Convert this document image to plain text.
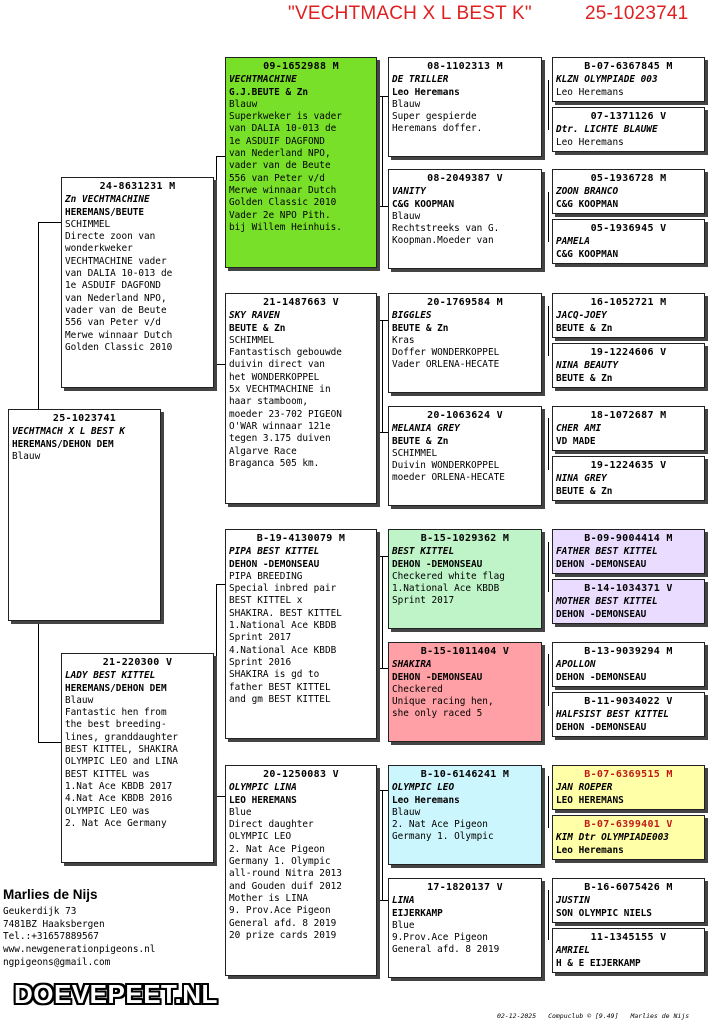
"VECHTMACH X L BEST K"	25-1023741
25-1023741
VECHTMACH X L BEST K
HEREMANS/DEHON DEM
Blauw
24-8631231 M
Zn VECHTMACHINE
HEREMANS/BEUTE
SCHIMMEL
Directe zoon van
wonderkweker
VECHTMACHINE vader
van DALIA 10-013 de
1e ASDUIF DAGFOND
van Nederland NPO,
vader van de Beute
556 van Peter v/d
Merwe winnaar Dutch
Golden Classic 2010
21-220300 V
LADY BEST KITTEL
HEREMANS/DEHON DEM
Blauw
Fantastic hen from
the best breeding-
lines, granddaughter
BEST KITTEL, SHAKIRA
OLYMPIC LEO and LINA
BEST KITTEL was
1.Nat Ace KBDB 2017
4.Nat Ace KBDB 2016
OLYMPIC LEO was
2. Nat Ace Germany
09-1652988 M
VECHTMACHINE
G.J.BEUTE & Zn
Blauw
Superkweker is vader
van DALIA 10-013 de
1e ASDUIF DAGFOND
van Nederland NPO,
vader van de Beute
556 van Peter v/d
Merwe winnaar Dutch
Golden Classic 2010
Vader 2e NPO Pith.
bij Willem Heinhuis.
21-1487663 V
SKY RAVEN
BEUTE & Zn
SCHIMMEL
Fantastisch gebouwde
duivin direct van
het WONDERKOPPEL
5x VECHTMACHINE in
haar stamboom,
moeder 23-702 PIGEON
O'WAR winnaar 121e
tegen 3.175 duiven
Algarve Race
Braganca 505 km.
B-19-4130079 M
PIPA BEST KITTEL
DEHON -DEMONSEAU
PIPA BREEDING
Special inbred pair
BEST KITTEL x
SHAKIRA. BEST KITTEL
1.National Ace KBDB
Sprint 2017
4.National Ace KBDB
Sprint 2016
SHAKIRA is gd to
father BEST KITTEL
and gm BEST KITTEL
20-1250083 V
OLYMPIC LINA
LEO HEREMANS
Blue
Direct daughter
OLYMPIC LEO
2. Nat Ace Pigeon
Germany 1. Olympic
all-round Nitra 2013
and Gouden duif 2012
Mother is LINA
9. Prov.Ace Pigeon
General afd. 8 2019
20 prize cards 2019
08-1102313 M
DE TRILLER
Leo Heremans
Blauw
Super gespierde
Heremans doffer.
08-2049387 V
VANITY
C&G KOOPMAN
Blauw
Rechtstreeks van G.
Koopman.Moeder van
20-1769584 M
BIGGLES
BEUTE & Zn
Kras
Doffer WONDERKOPPEL
Vader ORLENA-HECATE
20-1063624 V
MELANIA GREY
BEUTE & Zn
SCHIMMEL
Duivin WONDERKOPPEL
moeder ORLENA-HECATE
B-15-1029362 M
BEST KITTEL
DEHON -DEMONSEAU
Checkered white flag
1.National Ace KBDB
Sprint 2017
B-15-1011404 V
SHAKIRA
DEHON -DEMONSEAU
Checkered
Unique racing hen,
she only raced 5
B-10-6146241 M
OLYMPIC LEO
Leo Heremans
Blauw
2. Nat Ace Pigeon
Germany 1. Olympic
17-1820137 V
LINA
EIJERKAMP
Blue
9.Prov.Ace Pigeon
General afd. 8 2019
B-07-6367845 M
KLZN OLYMPIADE 003
Leo Heremans
07-1371126 V
Dtr. LICHTE BLAUWE
Leo Heremans
05-1936728 M
ZOON BRANCO
C&G KOOPMAN
05-1936945 V
PAMELA
C&G KOOPMAN
16-1052721 M
JACQ-JOEY
BEUTE & Zn
19-1224606 V
NINA BEAUTY
BEUTE & Zn
18-1072687 M
CHER AMI
VD MADE
19-1224635 V
NINA GREY
BEUTE & Zn
B-09-9004414 M
FATHER BEST KITTEL
DEHON -DEMONSEAU
B-14-1034371 V
MOTHER BEST KITTEL
DEHON -DEMONSEAU
B-13-9039294 M
APOLLON
DEHON -DEMONSEAU
B-11-9034022 V
HALFSIST BEST KITTEL
DEHON -DEMONSEAU
B-07-6369515 M
JAN ROEPER
LEO HEREMANS
B-07-6399401 V
KIM Dtr OLYMPIADE003
Leo Heremans
B-16-6075426 M
JUSTIN
SON OLYMPIC NIELS
11-1345155 V
AMRIEL
H & E EIJERKAMP
Marlies de Nijs
Geukerdijk 73
7481BZ Haaksbergen
Tel.:+31657889567
www.newgenerationpigeons.nl
ngpigeons@gmail.com
DOEVEPEET.NL
02-12-2025 Compuclub © [9.49] Marlies de Nijs
